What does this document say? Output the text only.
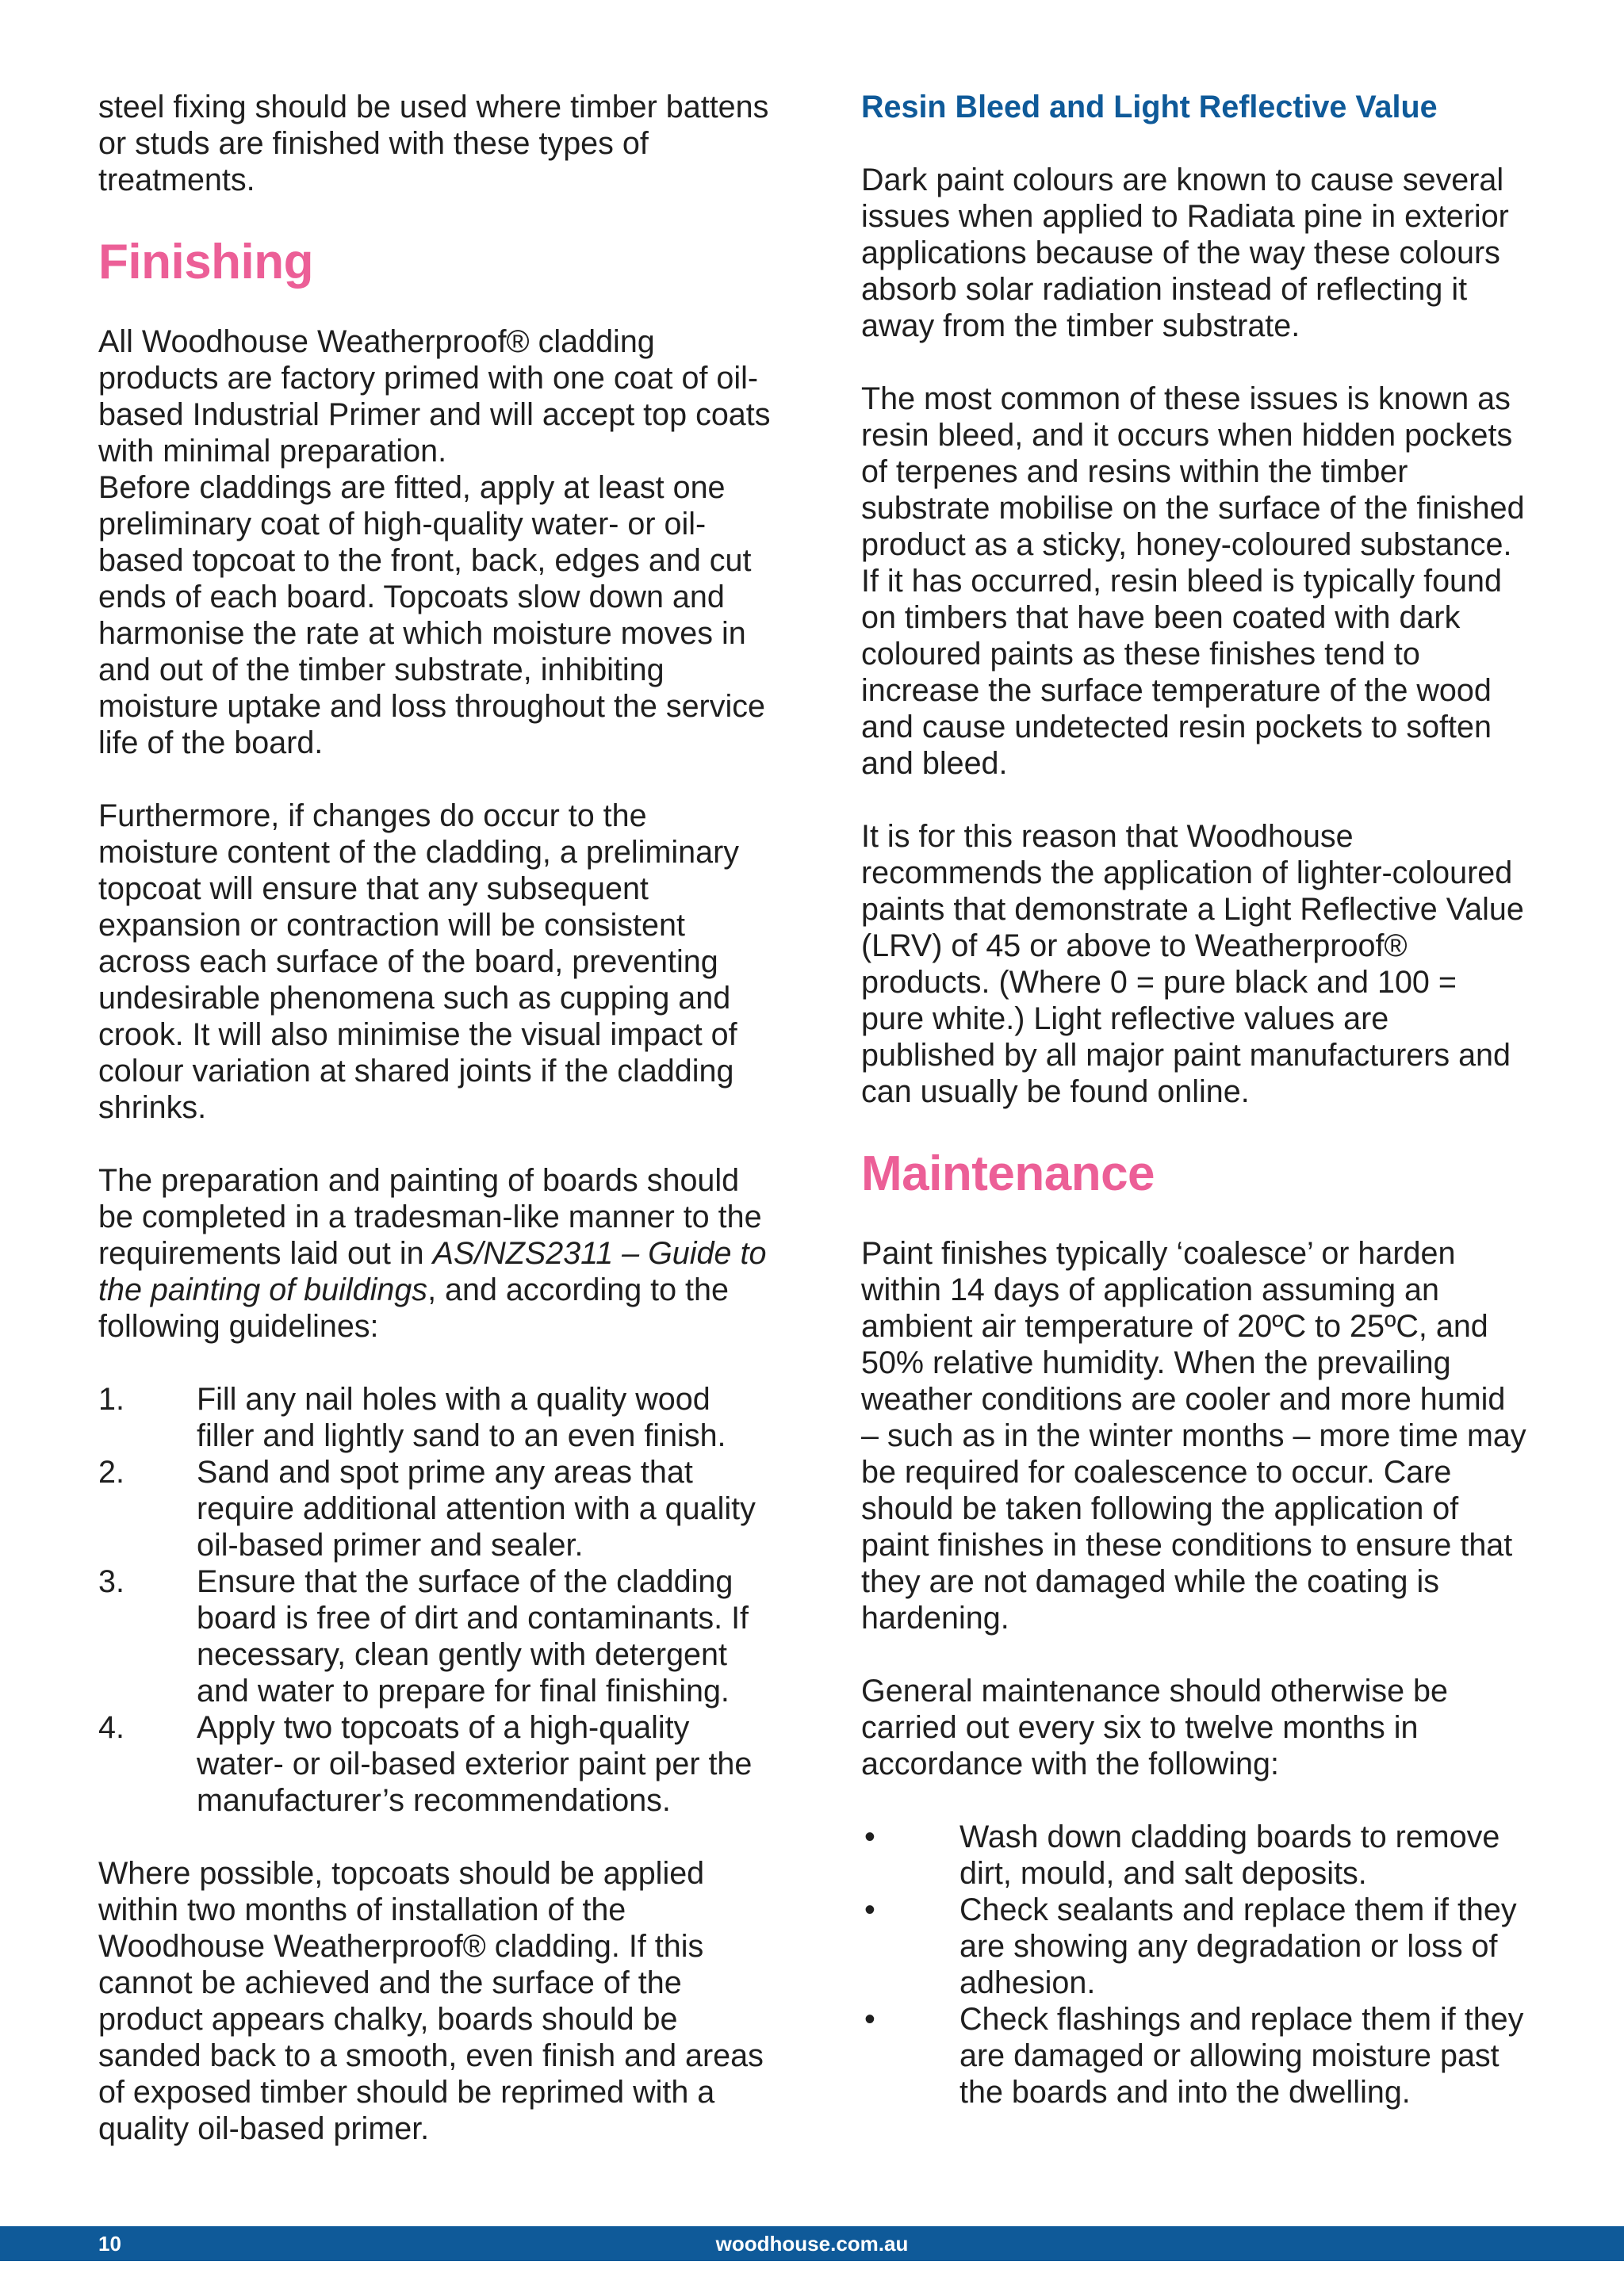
steel fixing should be used where timber battens or studs are finished with these types of treatments.

Finishing

All Woodhouse Weatherproof® cladding products are factory primed with one coat of oil-based Industrial Primer and will accept top coats with minimal preparation.

Before claddings are fitted, apply at least one preliminary coat of high-quality water- or oil-based topcoat to the front, back, edges and cut ends of each board. Topcoats slow down and harmonise the rate at which moisture moves in and out of the timber substrate, inhibiting moisture uptake and loss throughout the service life of the board.

Furthermore, if changes do occur to the moisture content of the cladding, a preliminary topcoat will ensure that any subsequent expansion or contraction will be consistent across each surface of the board, preventing undesirable phenomena such as cupping and crook. It will also minimise the visual impact of colour variation at shared joints if the cladding shrinks.

The preparation and painting of boards should be completed in a tradesman-like manner to the requirements laid out in AS/NZS2311 – Guide to the painting of buildings, and according to the following guidelines:

1.	Fill any nail holes with a quality wood filler and lightly sand to an even finish.
2.	Sand and spot prime any areas that require additional attention with a quality oil-based primer and sealer.
3.	Ensure that the surface of the cladding board is free of dirt and contaminants. If necessary, clean gently with detergent and water to prepare for final finishing.
4.	Apply two topcoats of a high-quality water- or oil-based exterior paint per the manufacturer’s recommendations.

Where possible, topcoats should be applied within two months of installation of the Woodhouse Weatherproof® cladding. If this cannot be achieved and the surface of the product appears chalky, boards should be sanded back to a smooth, even finish and areas of exposed timber should be reprimed with a quality oil-based primer.

Resin Bleed and Light Reflective Value

Dark paint colours are known to cause several issues when applied to Radiata pine in exterior applications because of the way these colours absorb solar radiation instead of reflecting it away from the timber substrate.

The most common of these issues is known as resin bleed, and it occurs when hidden pockets of terpenes and resins within the timber substrate mobilise on the surface of the finished product as a sticky, honey-coloured substance. If it has occurred, resin bleed is typically found on timbers that have been coated with dark coloured paints as these finishes tend to increase the surface temperature of the wood and cause undetected resin pockets to soften and bleed.

It is for this reason that Woodhouse recommends the application of lighter-coloured paints that demonstrate a Light Reflective Value (LRV) of 45 or above to Weatherproof® products. (Where 0 = pure black and 100 = pure white.) Light reflective values are published by all major paint manufacturers and can usually be found online.

Maintenance

Paint finishes typically ‘coalesce’ or harden within 14 days of application assuming an ambient air temperature of 20ºC to 25ºC, and 50% relative humidity. When the prevailing weather conditions are cooler and more humid – such as in the winter months – more time may be required for coalescence to occur. Care should be taken following the application of paint finishes in these conditions to ensure that they are not damaged while the coating is hardening.

General maintenance should otherwise be carried out every six to twelve months in accordance with the following:

•	Wash down cladding boards to remove dirt, mould, and salt deposits.
•	Check sealants and replace them if they are showing any degradation or loss of adhesion.
•	Check flashings and replace them if they are damaged or allowing moisture past the boards and into the dwelling.
10	woodhouse.com.au
